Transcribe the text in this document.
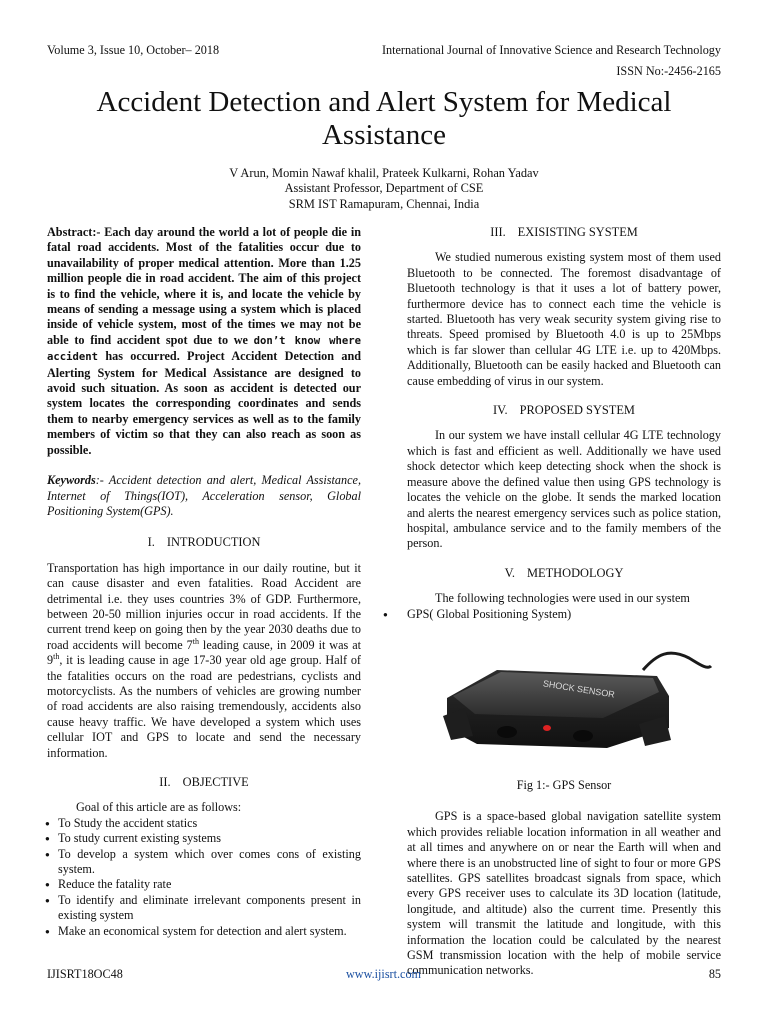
Volume 3, Issue 10, October– 2018	International Journal of Innovative Science and Research Technology
ISSN No:-2456-2165
Accident Detection and Alert System for Medical Assistance
V Arun, Momin Nawaf khalil, Prateek Kulkarni, Rohan Yadav
Assistant Professor, Department of CSE
SRM IST Ramapuram, Chennai, India

Abstract:- Each day around the world a lot of people die in fatal road accidents. Most of the fatalities occur due to unavailability of proper medical attention. More than 1.25 million people die in road accident. The aim of this project is to find the vehicle, where it is, and locate the vehicle by means of sending a message using a system which is placed inside of vehicle system, most of the times we may not be able to find accident spot due to we don’t know where accident has occurred. Project Accident Detection and Alerting System for Medical Assistance are designed to avoid such situation. As soon as accident is detected our system locates the corresponding coordinates and sends them to nearby emergency services as well as to the family members of victim so that they can also reach as soon as possible.

Keywords:- Accident detection and alert, Medical Assistance, Internet of Things(IOT), Acceleration sensor, Global Positioning System(GPS).

I. INTRODUCTION

Transportation has high importance in our daily routine, but it can cause disaster and even fatalities. Road Accident are detrimental i.e. they uses countries 3% of GDP. Furthermore, between 20-50 million injuries occur in road accidents. If the current trend keep on going then by the year 2030 deaths due to road accidents will become 7th leading cause, in 2009 it was at 9th, it is leading cause in age 17-30 year old age group. Half of the fatalities occurs on the road are pedestrians, cyclists and motorcyclists. As the numbers of vehicles are growing number of road accidents are also raising tremendously, accidents also cause heavy traffic. We have developed a system which uses cellular IOT and GPS to locate and send the necessary information.

II. OBJECTIVE

Goal of this article are as follows:

● To Study the accident statics
● To study current existing systems
● To develop a system which over comes cons of existing system.
● Reduce the fatality rate
● To identify and eliminate irrelevant components present in existing system
● Make an economical system for detection and alert system.
III. EXISISTING SYSTEM

We studied numerous existing system most of them used Bluetooth to be connected. The foremost disadvantage of Bluetooth technology is that it uses a lot of battery power, furthermore device has to connect each time the vehicle is started. Bluetooth has very weak security system giving rise to threats. Speed promised by Bluetooth 4.0 is up to 25Mbps which is far slower than cellular 4G LTE i.e. up to 420Mbps. Additionally, Bluetooth can be easily hacked and Bluetooth can cause embedding of virus in our system.

IV. PROPOSED SYSTEM

In our system we have install cellular 4G LTE technology which is fast and efficient as well. Additionally we have used shock detector which keep detecting shock when the shock is measure above the defined value then using GPS technology is locates the vehicle on the globe. It sends the marked location and alerts the nearest emergency services such as police station, hospital, ambulance service and to the family members of the person.

V. METHODOLOGY

The following technologies were used in our system

● GPS( Global Positioning System)
SHOCK SENSOR

Fig 1:- GPS Sensor

GPS is a space-based global navigation satellite system which provides reliable location information in all weather and at all times and anywhere on or near the Earth will when and where there is an unobstructed line of sight to four or more GPS satellites. GPS satellites broadcast signals from space, which every GPS receiver uses to calculate its 3D location (latitude, longitude, and altitude) also the current time. Presently this system will transmit the latitude and longitude, with this information the location could be calculated by the nearest GSM transmission location with the help of mobile service communication networks.

IJISRT18OC48	www.ijisrt.com	85
